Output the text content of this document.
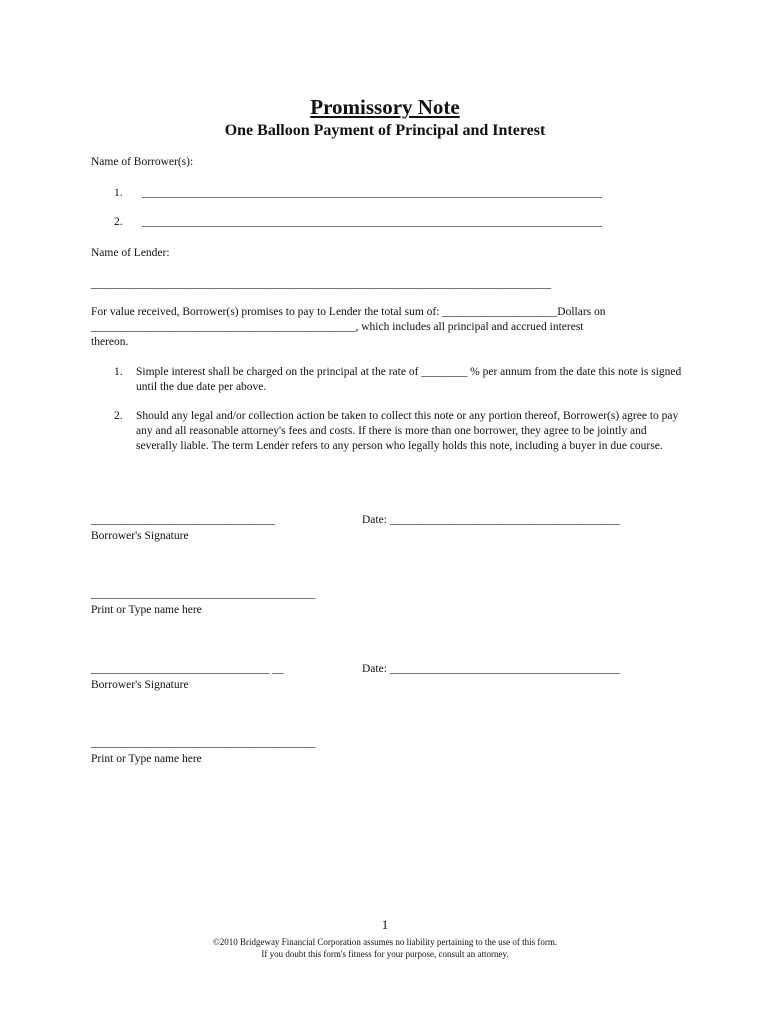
Promissory Note
One Balloon Payment of Principal and Interest
Name of Borrower(s):
1. ________________________________________________________________________________
2. ________________________________________________________________________________
Name of Lender:
________________________________________________________________________________
For value received, Borrower(s) promises to pay to Lender the total sum of: ____________________Dollars on
______________________________________________, which includes all principal and accrued interest
thereon.
1. Simple interest shall be charged on the principal at the rate of ________ % per annum from the date this note is signed until the due date per above.
2. Should any legal and/or collection action be taken to collect this note or any portion thereof, Borrower(s) agree to pay any and all reasonable attorney's fees and costs. If there is more than one borrower, they agree to be jointly and severally liable. The term Lender refers to any person who legally holds this note, including a buyer in due course.
________________________________	Date: ________________________________________
Borrower's Signature
_______________________________________
Print or Type name here
_______________________________ __	Date: ________________________________________
Borrower's Signature
_______________________________________
Print or Type name here
1
©2010 Bridgeway Financial Corporation assumes no liability pertaining to the use of this form.
If you doubt this form's fitness for your purpose, consult an attorney.
